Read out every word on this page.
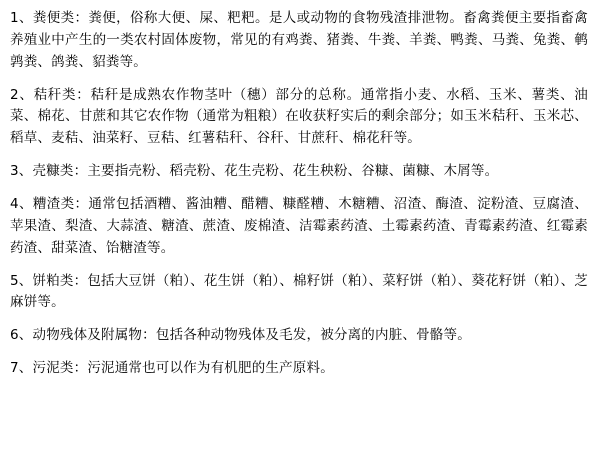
1、粪便类：粪便，俗称大便、屎、粑粑。是人或动物的食物残渣排泄物。畜禽粪便主要指畜禽养殖业中产生的一类农村固体废物，常见的有鸡粪、猪粪、牛粪、羊粪、鸭粪、马粪、兔粪、鹌鹑粪、鸽粪、貂粪等。

2、秸秆类：秸秆是成熟农作物茎叶（穗）部分的总称。通常指小麦、水稻、玉米、薯类、油菜、棉花、甘蔗和其它农作物（通常为粗粮）在收获籽实后的剩余部分；如玉米秸秆、玉米芯、稻草、麦秸、油菜籽、豆秸、红薯秸秆、谷秆、甘蔗秆、棉花秆等。

3、壳糠类：主要指壳粉、稻壳粉、花生壳粉、花生秧粉、谷糠、菌糠、木屑等。

4、糟渣类：通常包括酒糟、酱油糟、醋糟、糠醛糟、木糖糟、沼渣、酶渣、淀粉渣、豆腐渣、苹果渣、梨渣、大蒜渣、糖渣、蔗渣、废棉渣、洁霉素药渣、土霉素药渣、青霉素药渣、红霉素药渣、甜菜渣、饴糖渣等。

5、饼粕类：包括大豆饼（粕）、花生饼（粕）、棉籽饼（粕）、菜籽饼（粕）、葵花籽饼（粕）、芝麻饼等。

6、动物残体及附属物：包括各种动物残体及毛发，被分离的内脏、骨骼等。

7、污泥类：污泥通常也可以作为有机肥的生产原料。
